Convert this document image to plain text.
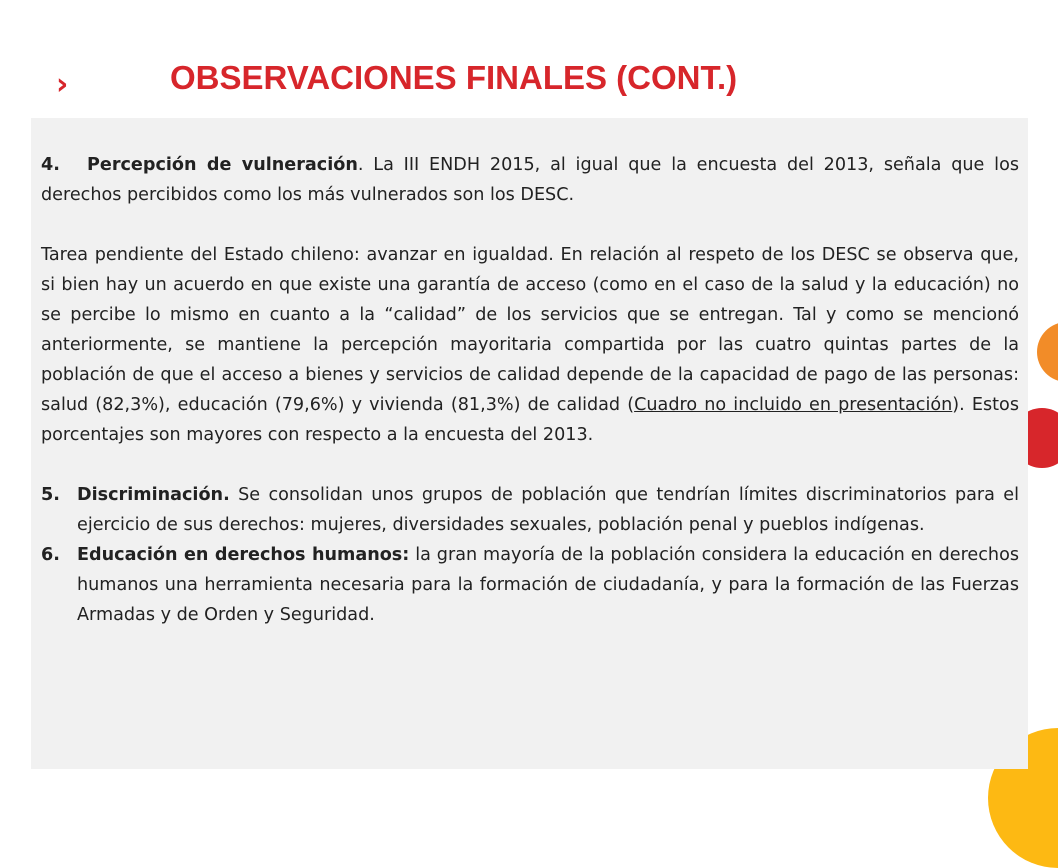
›	OBSERVACIONES FINALES (CONT.)

4. Percepción de vulneración. La III ENDH 2015, al igual que la encuesta del 2013, señala que los derechos percibidos como los más vulnerados son los DESC.

Tarea pendiente del Estado chileno: avanzar en igualdad. En relación al respeto de los DESC se observa que, si bien hay un acuerdo en que existe una garantía de acceso (como en el caso de la salud y la educación) no se percibe lo mismo en cuanto a la “calidad” de los servicios que se entregan. Tal y como se mencionó anteriormente, se mantiene la percepción mayoritaria compartida por las cuatro quintas partes de la población de que el acceso a bienes y servicios de calidad depende de la capacidad de pago de las personas: salud (82,3%), educación (79,6%) y vivienda (81,3%) de calidad (Cuadro no incluido en presentación). Estos porcentajes son mayores con respecto a la encuesta del 2013.

5. Discriminación. Se consolidan unos grupos de población que tendrían límites discriminatorios para el ejercicio de sus derechos: mujeres, diversidades sexuales, población penal y pueblos indígenas.

6. Educación en derechos humanos: la gran mayoría de la población considera la educación en derechos humanos una herramienta necesaria para la formación de ciudadanía, y para la formación de las Fuerzas Armadas y de Orden y Seguridad.
